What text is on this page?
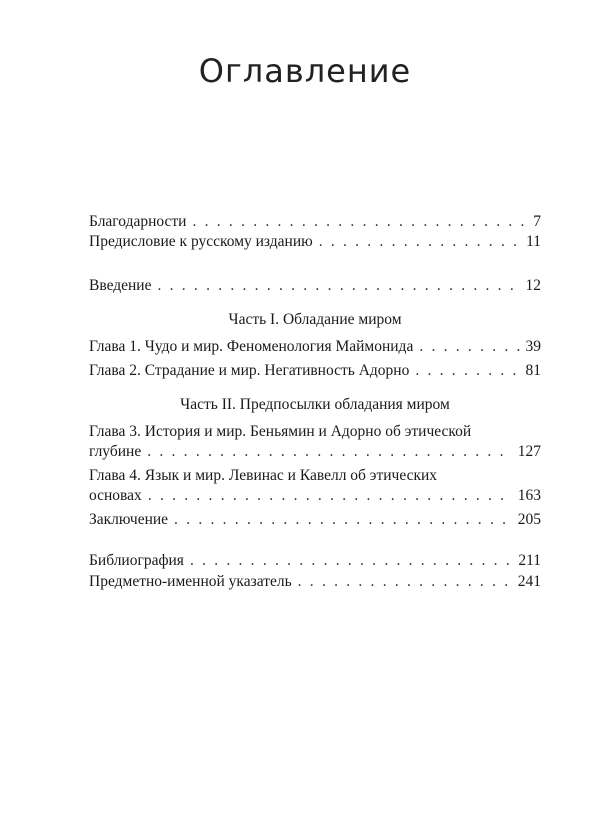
Оглавление
Благодарности . . .	7
Предисловие к русскому изданию . . .	11
Введение . . .	12
Часть I. Обладание миром
Глава 1. Чудо и мир. Феноменология Маймонида . . .	39
Глава 2. Страдание и мир. Негативность Адорно . . .	81
Часть II. Предпосылки обладания миром
Глава 3. История и мир. Беньямин и Адорно об этической
глубине . . .	127
Глава 4. Язык и мир. Левинас и Кавелл об этических
основах . . .	163
Заключение . . .	205
Библиография . . .	211
Предметно-именной указатель . . .	241
